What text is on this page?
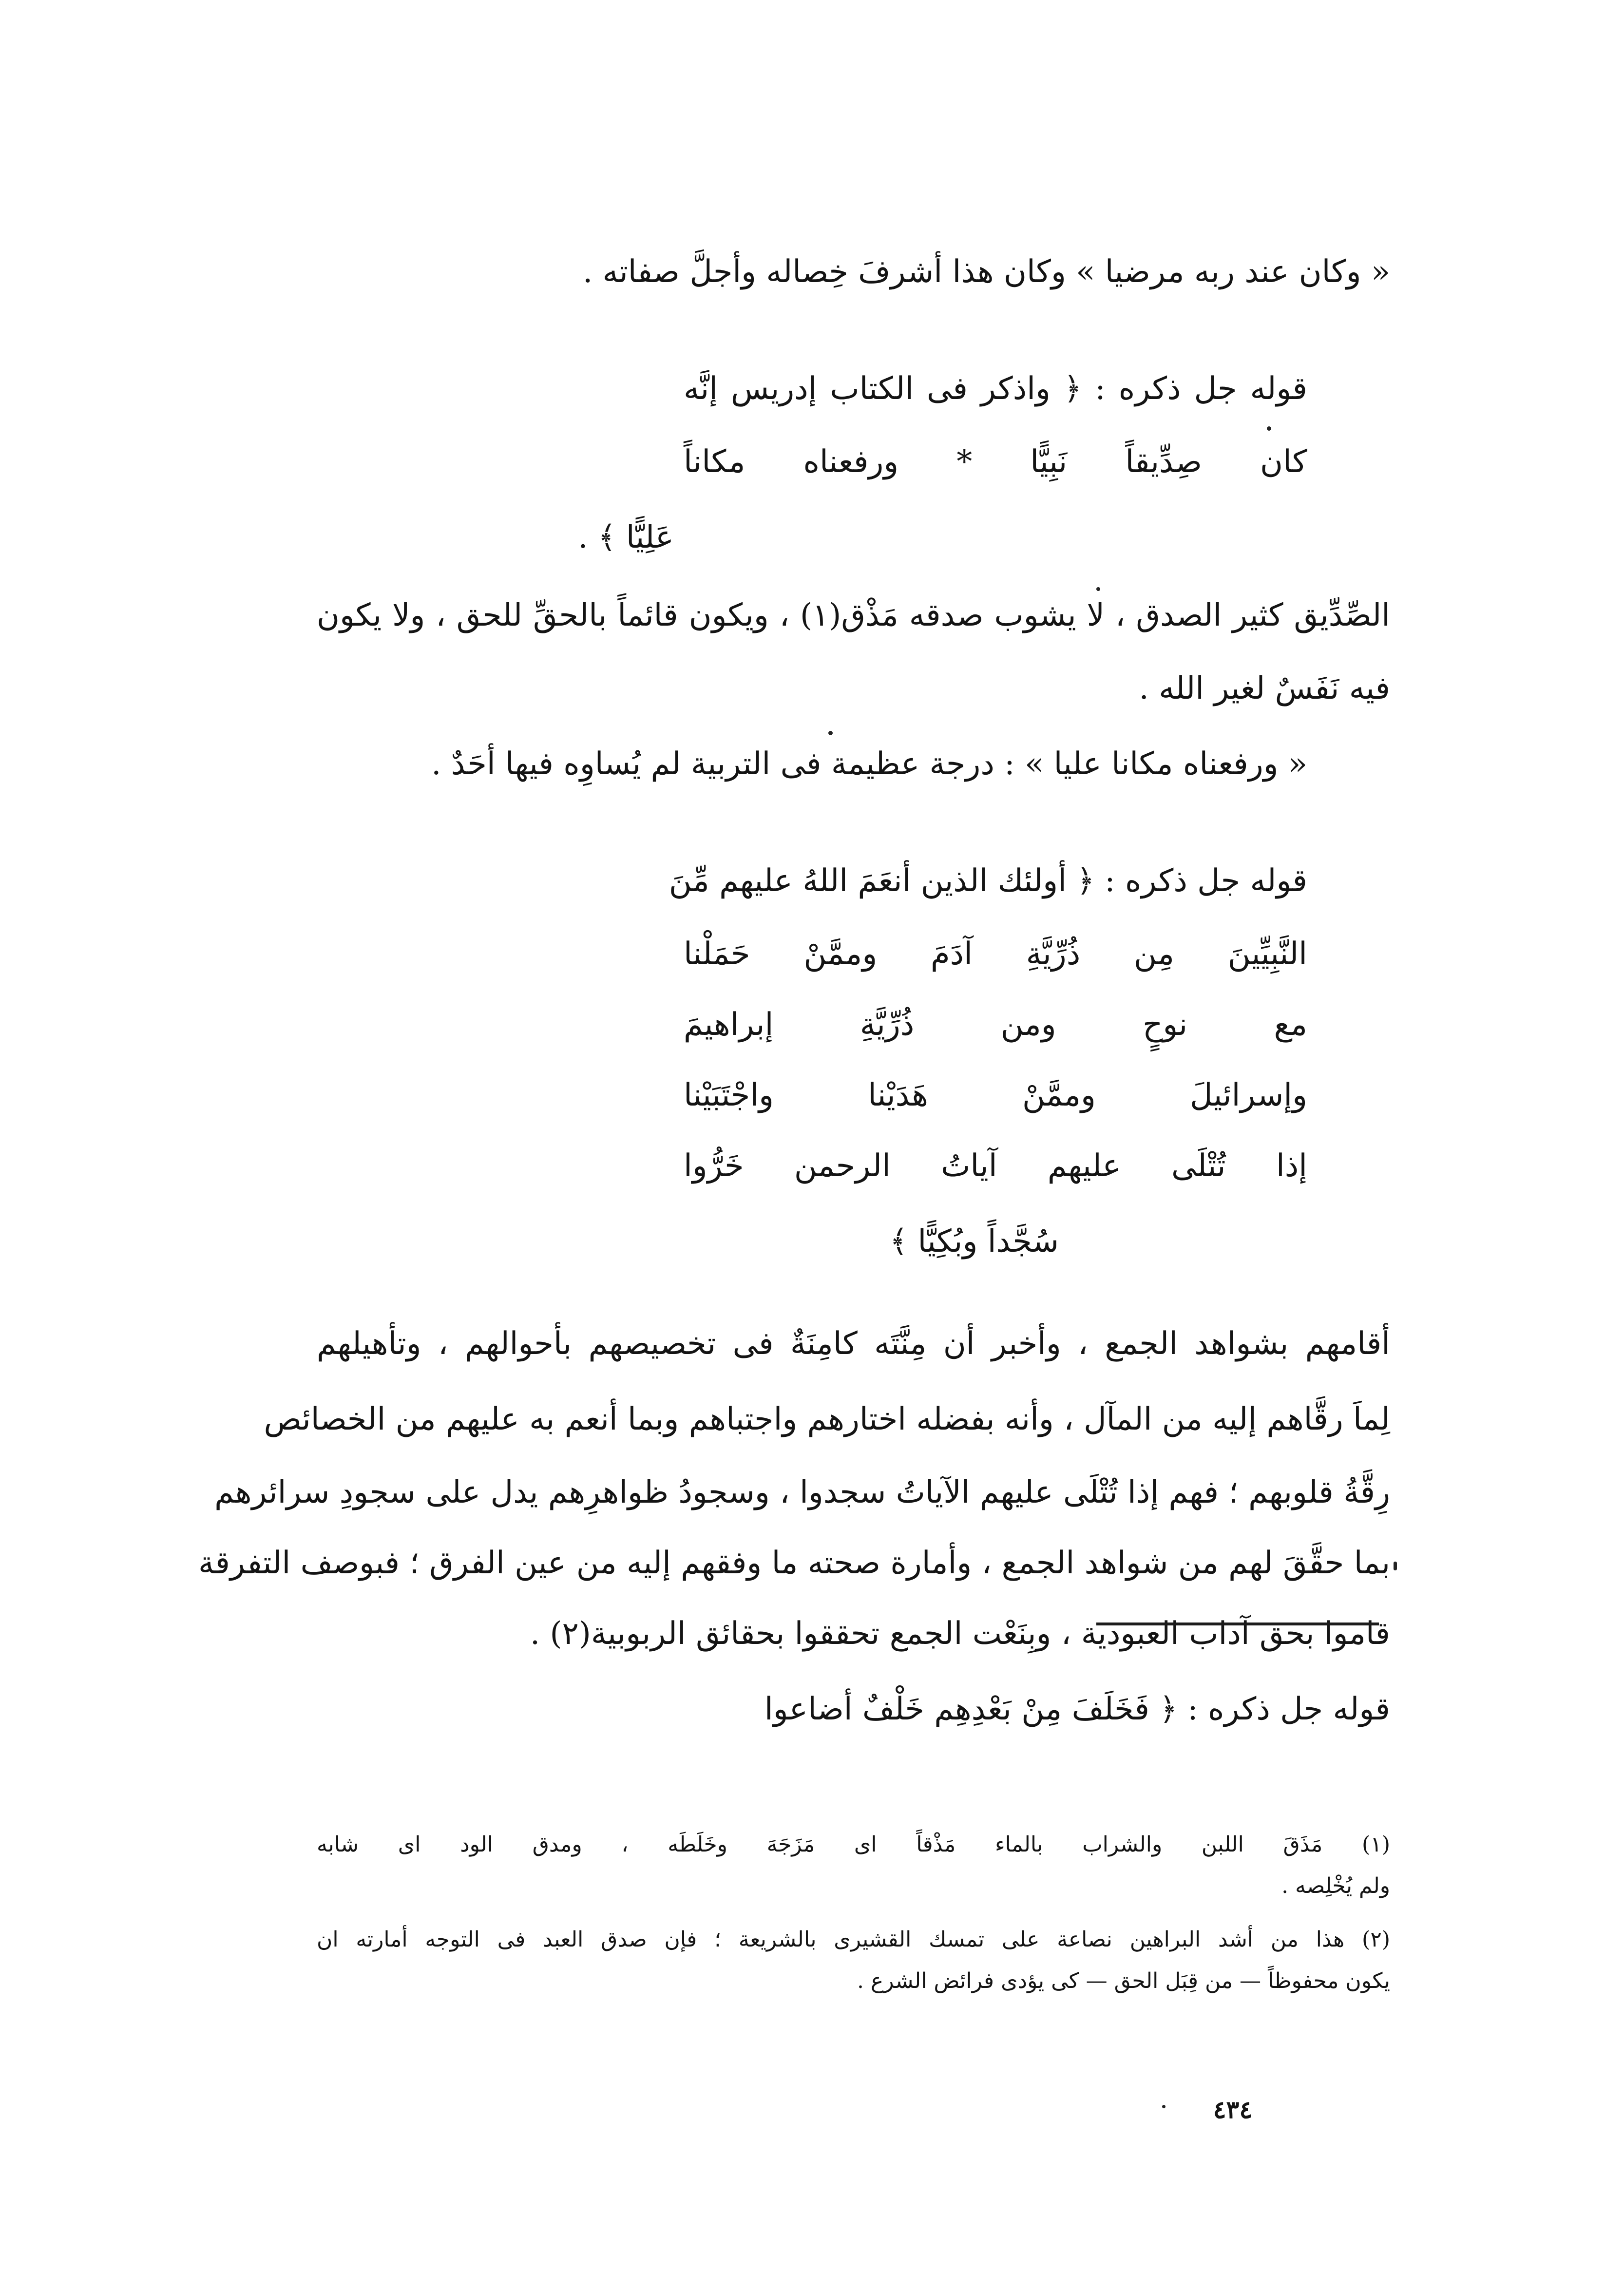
« وكان عند ربه مرضيا » وكان هذا أشرفَ خِصاله وأجلَّ صفاته .
قوله جل ذكره : ﴿ واذكر فى الكتاب إدريس إنَّه
كان صِدِّيقاً نَبِيًّا * ورفعناه مكاناً
عَلِيًّا ﴾ .
الصِّدِّيق كثير الصدق ، لا يشوب صدقه مَذْق(١) ، ويكون قائماً بالحقِّ للحق ، ولا يكون
فيه نَفَسٌ لغير الله .
« ورفعناه مكانا عليا » : درجة عظيمة فى التربية لم يُساوِه فيها أحَدٌ .
قوله جل ذكره : ﴿ أولئك الذين أنعَمَ اللهُ عليهم مِّنَ
النَّبِيِّينَ مِن ذُرِّيَّةِ آدَمَ وممَّنْ حَمَلْنا
مع نوحٍ ومن ذُرِّيَّةِ إبراهيمَ
وإسرائيلَ وممَّنْ هَدَيْنا واجْتَبَيْنا
إذا تُتْلَى عليهم آياتُ الرحمن خَرُّوا
سُجَّداً وبُكِيًّا ﴾
أقامهم بشواهد الجمع ، وأخبر أن مِنَّتَه كامِنَةٌ فى تخصيصهم بأحوالهم ، وتأهيلهم
لِماَ رقَّاهم إليه من المآل ، وأنه بفضله اختارهم واجتباهم وبما أنعم به عليهم من الخصائص
رِقَّةُ قلوبهم ؛ فهم إذا تُتْلَى عليهم الآياتُ سجدوا ، وسجودُ ظواهرِهم يدل على سجودِ سرائرهم
بما حقَّقَ لهم من شواهد الجمع ، وأمارة صحته ما وفقهم إليه من عين الفرق ؛ فبوصف التفرقة
قاموا بحق آداب العبودية ، وبِنَعْت الجمع تحققوا بحقائق الربوبية(٢) .
قوله جل ذكره : ﴿ فَخَلَفَ مِنْ بَعْدِهِم خَلْفٌ أضاعوا
(١) مَذَقَ اللبن والشراب بالماء مَذْقاً اى مَزَجَهَ وخَلَطَه ، ومدق الود اى شابه
ولم يُخْلِصه .
(٢) هذا من أشد البراهين نصاعة على تمسك القشيرى بالشريعة ؛ فإن صدق العبد فى التوجه أمارته ان
يكون محفوظاً — من قِبَل الحق — كى يؤدى فرائض الشرع .
٤٣٤
